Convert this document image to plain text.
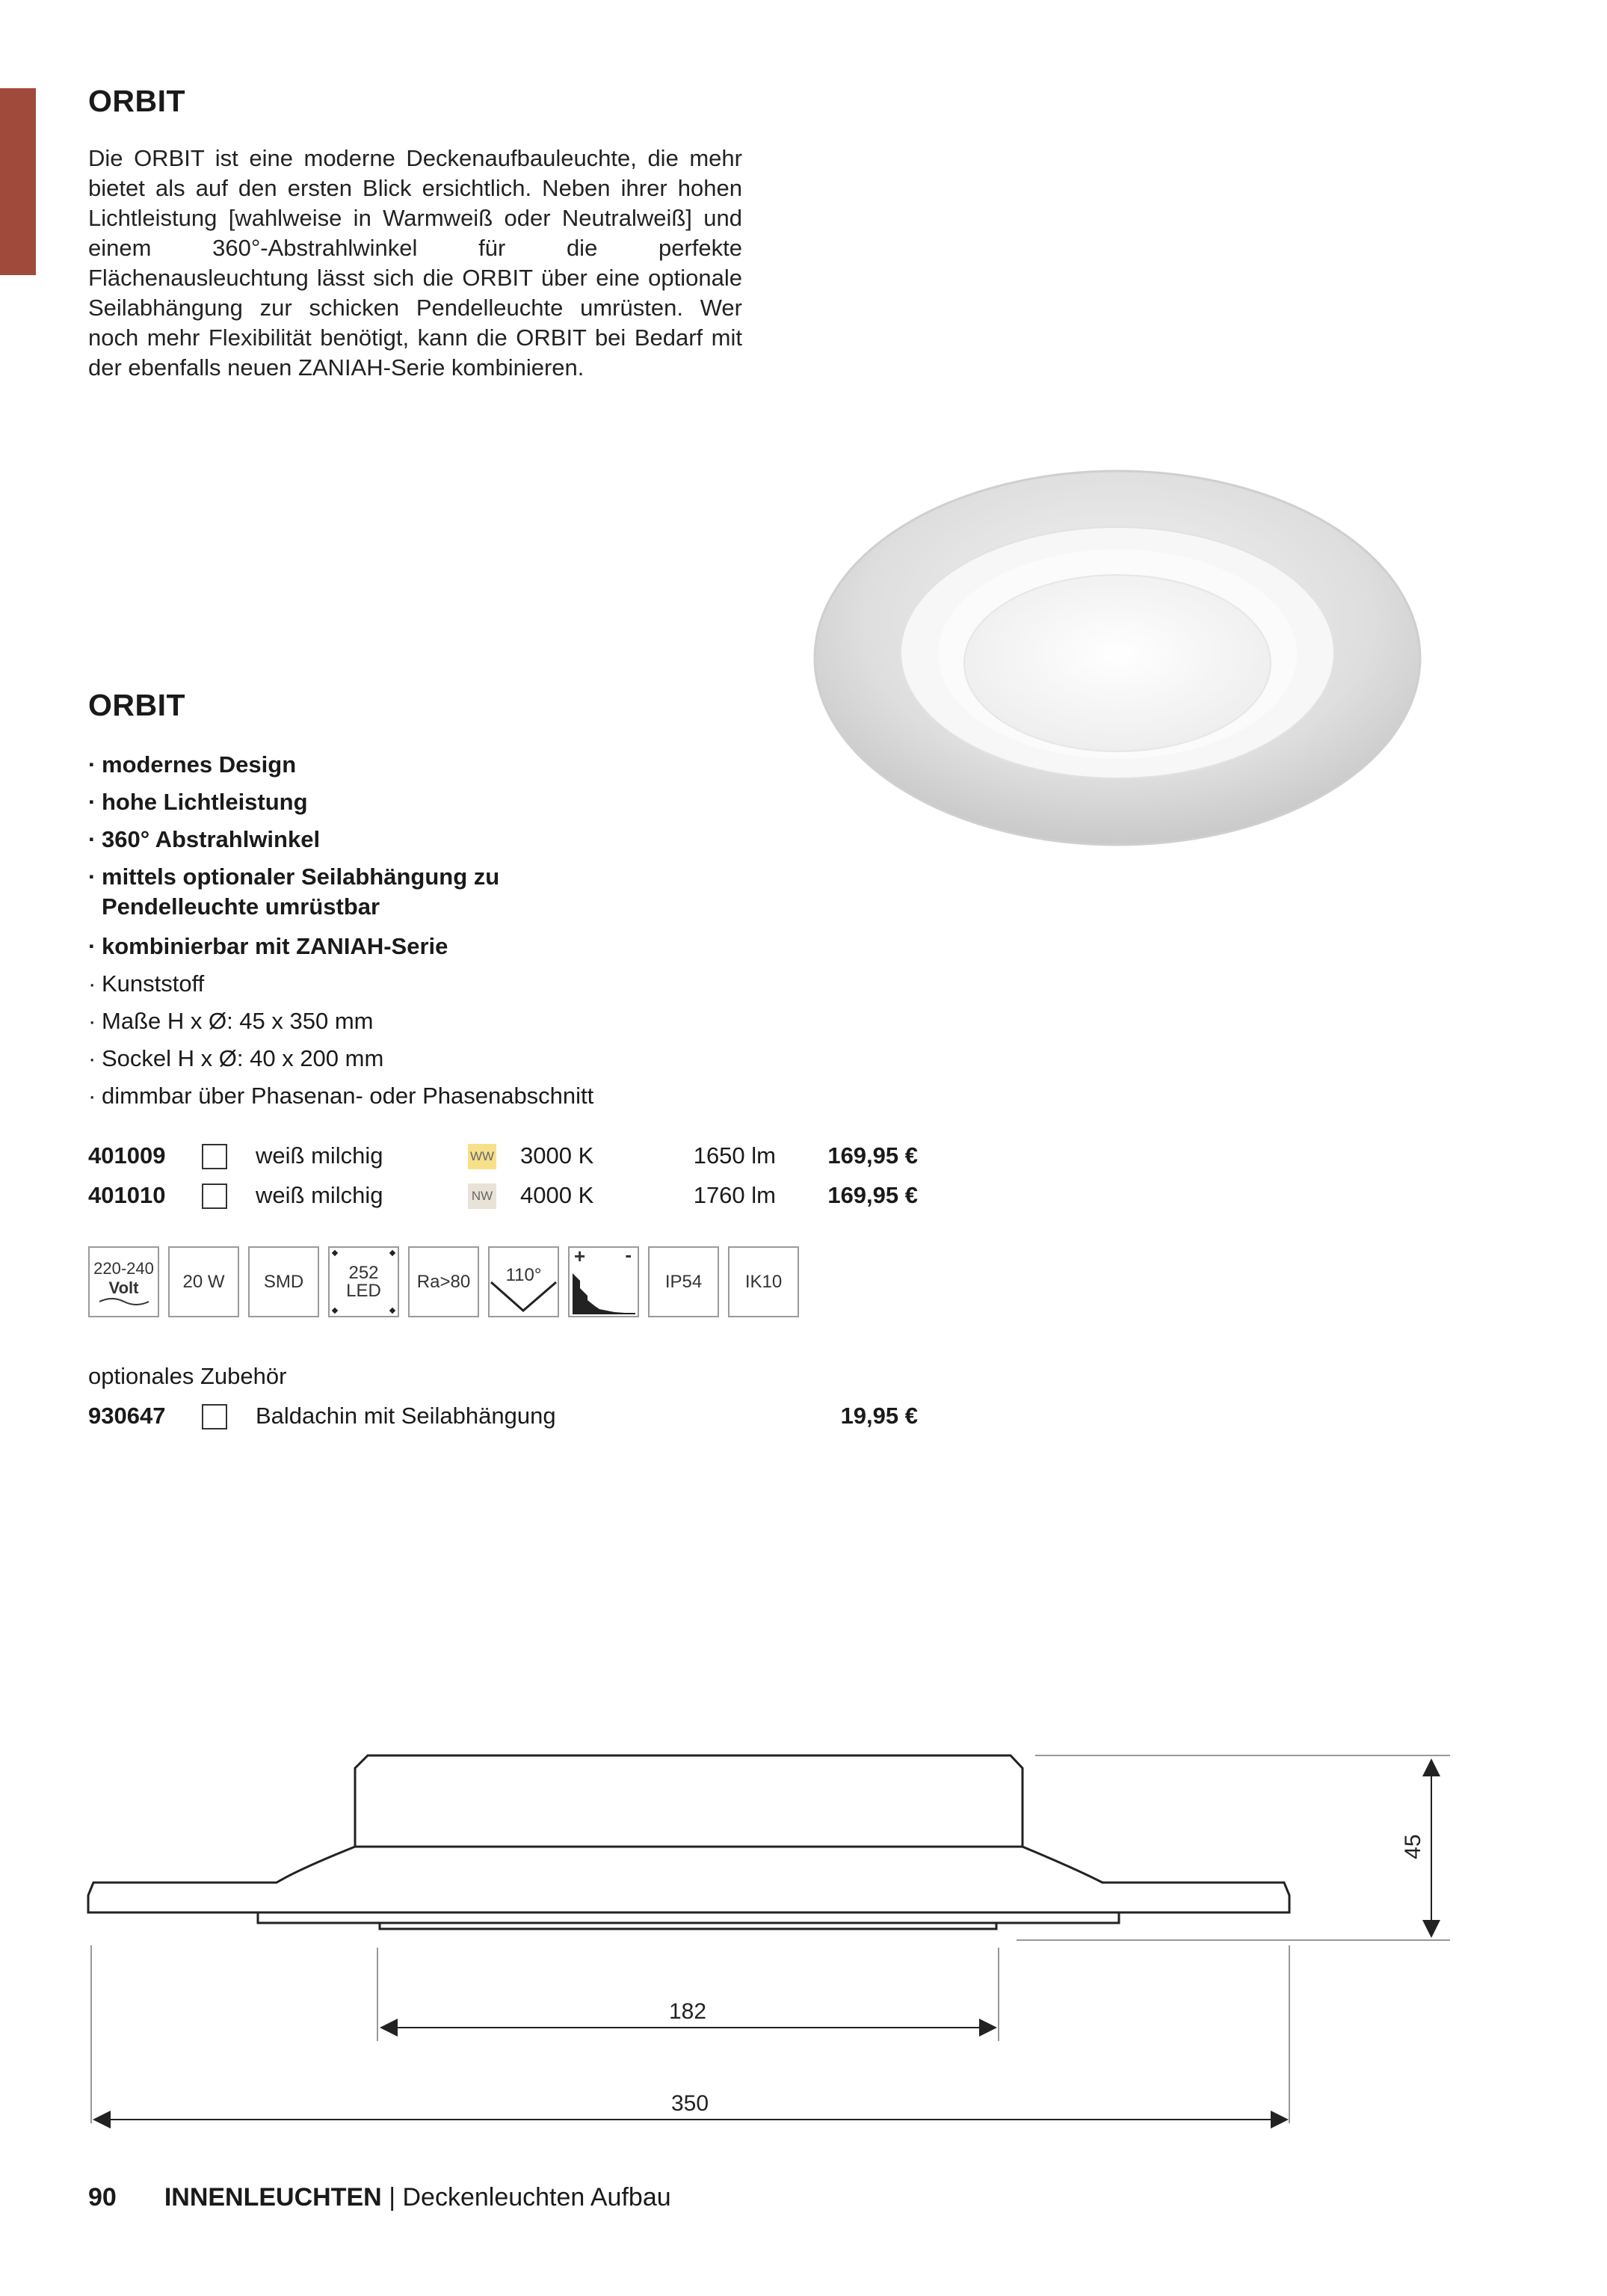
ORBIT
Die ORBIT ist eine moderne Deckenaufbauleuchte, die mehr bietet als auf den ersten Blick ersichtlich. Neben ihrer hohen Lichtleistung [wahlweise in Warmweiß oder Neutralweiß] und einem 360°-Abstrahlwinkel für die perfekte Flächenausleuchtung lässt sich die ORBIT über eine optionale Seilabhängung zur schicken Pendelleuchte umrüsten. Wer noch mehr Flexibilität benötigt, kann die ORBIT bei Bedarf mit der ebenfalls neuen ZANIAH-Serie kombinieren.
ORBIT
· modernes Design
· hohe Lichtleistung
· 360° Abstrahlwinkel
· mittels optionaler Seilabhängung zu Pendelleuchte umrüstbar
· kombinierbar mit ZANIAH-Serie
· Kunststoff
· Maße H x Ø: 45 x 350 mm
· Sockel H x Ø: 40 x 200 mm
· dimmbar über Phasenan- oder Phasenabschnitt
401009	weiß milchig	WW 3000 K	1650 lm 169,95 €
401010	weiß milchig	NW 4000 K	1760 lm 169,95 €
220-240
Volt 20 W SMD	252
LED Ra>80 110°
+ -
IP54 IK10
optionales Zubehör
930647	Baldachin mit Seilabhängung	19,95 €
45
182
350
90 INNENLEUCHTEN | Deckenleuchten Aufbau
